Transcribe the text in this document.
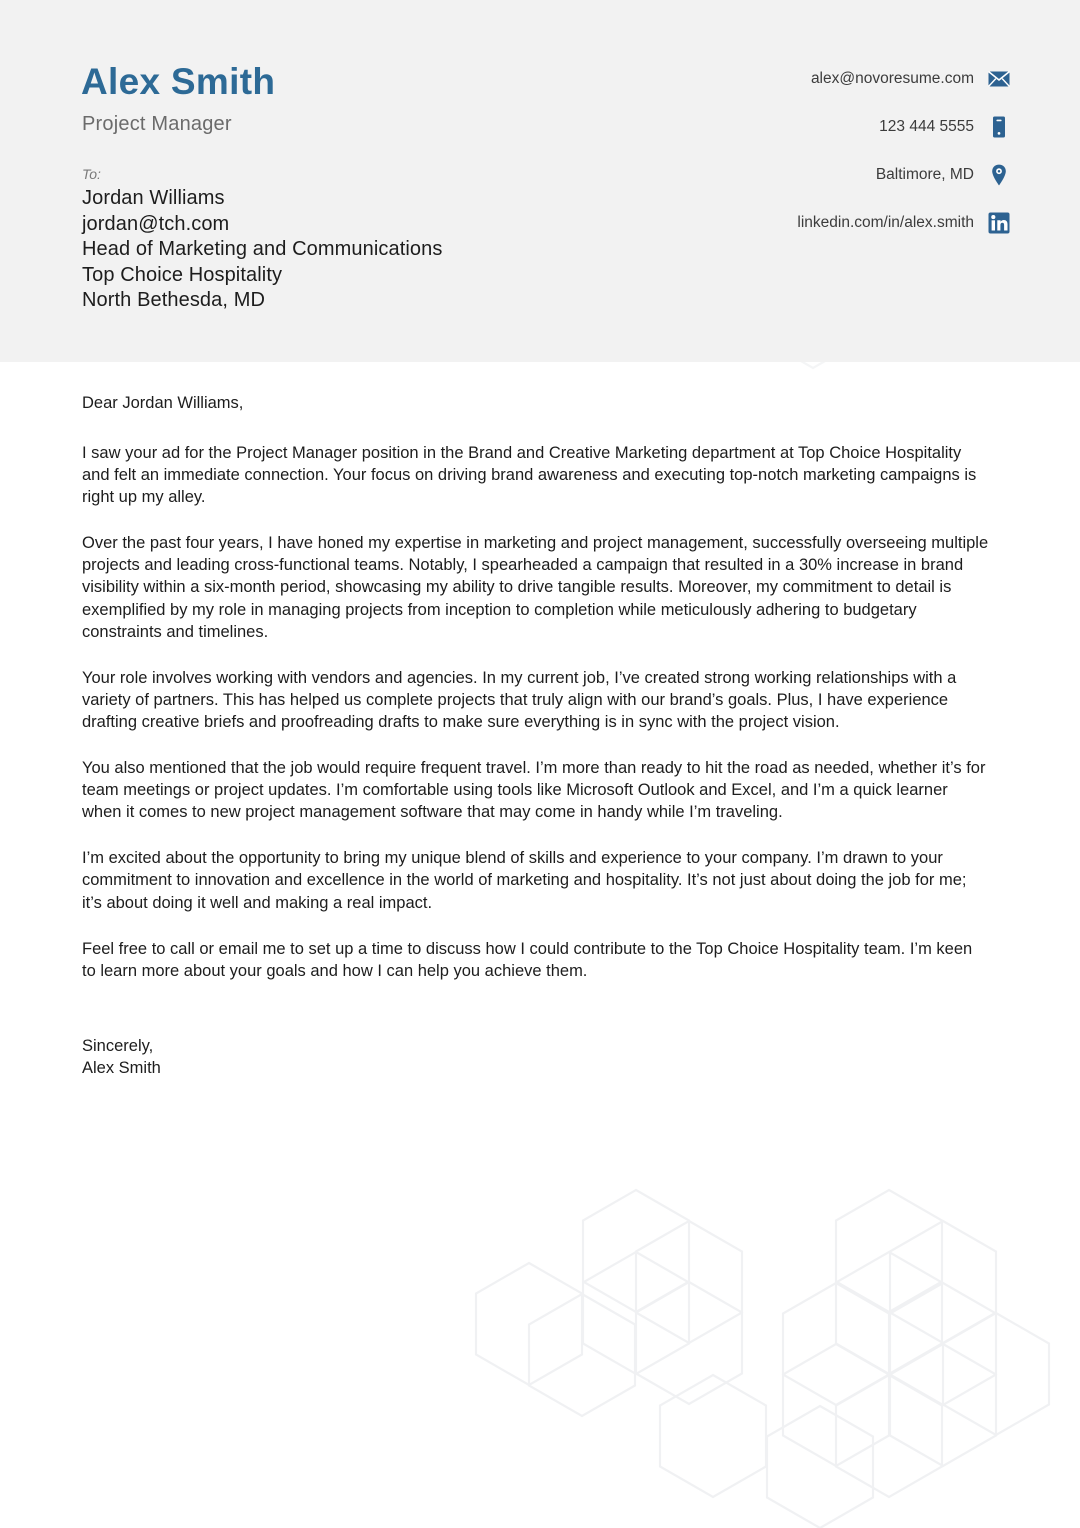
Alex Smith
Project Manager
To:
Jordan Williams
jordan@tch.com
Head of Marketing and Communications
Top Choice Hospitality
North Bethesda, MD
alex@novoresume.com
123 444 5555
Baltimore, MD
linkedin.com/in/alex.smith
Dear Jordan Williams,

I saw your ad for the Project Manager position in the Brand and Creative Marketing department at Top Choice Hospitality and felt an immediate connection. Your focus on driving brand awareness and executing top-notch marketing campaigns is right up my alley.

Over the past four years, I have honed my expertise in marketing and project management, successfully overseeing multiple projects and leading cross-functional teams. Notably, I spearheaded a campaign that resulted in a 30% increase in brand visibility within a six-month period, showcasing my ability to drive tangible results. Moreover, my commitment to detail is exemplified by my role in managing projects from inception to completion while meticulously adhering to budgetary constraints and timelines.

Your role involves working with vendors and agencies. In my current job, I’ve created strong working relationships with a variety of partners. This has helped us complete projects that truly align with our brand’s goals. Plus, I have experience drafting creative briefs and proofreading drafts to make sure everything is in sync with the project vision.

You also mentioned that the job would require frequent travel. I’m more than ready to hit the road as needed, whether it’s for team meetings or project updates. I’m comfortable using tools like Microsoft Outlook and Excel, and I’m a quick learner when it comes to new project management software that may come in handy while I’m traveling.

I’m excited about the opportunity to bring my unique blend of skills and experience to your company. I’m drawn to your commitment to innovation and excellence in the world of marketing and hospitality. It’s not just about doing the job for me; it’s about doing it well and making a real impact.

Feel free to call or email me to set up a time to discuss how I could contribute to the Top Choice Hospitality team. I’m keen to learn more about your goals and how I can help you achieve them.

Sincerely,
Alex Smith
